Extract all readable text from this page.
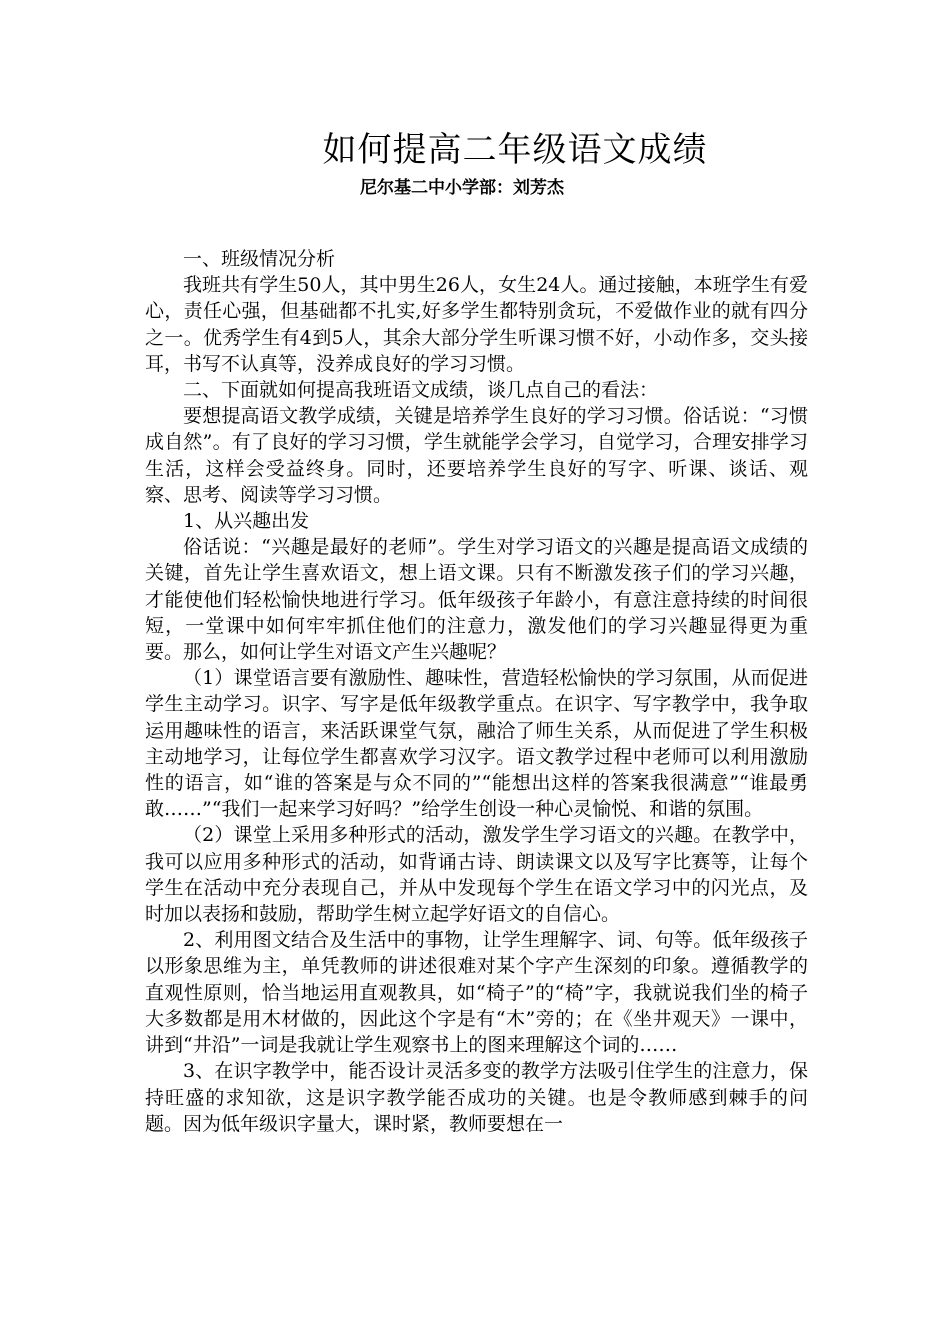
如何提高二年级语文成绩
尼尔基二中小学部：刘芳杰

一、班级情况分析

我班共有学生50人，其中男生26人，女生24人。通过接触，本班学生有爱心，责任心强，但基础都不扎实,好多学生都特别贪玩，不爱做作业的就有四分之一。优秀学生有4到5人，其余大部分学生听课习惯不好，小动作多，交头接耳，书写不认真等，没养成良好的学习习惯。

二、下面就如何提高我班语文成绩，谈几点自己的看法：

要想提高语文教学成绩，关键是培养学生良好的学习习惯。俗话说：“习惯成自然”。有了良好的学习习惯，学生就能学会学习，自觉学习，合理安排学习生活，这样会受益终身。同时，还要培养学生良好的写字、听课、谈话、观察、思考、阅读等学习习惯。

1、从兴趣出发

俗话说：“兴趣是最好的老师”。学生对学习语文的兴趣是提高语文成绩的关键，首先让学生喜欢语文，想上语文课。只有不断激发孩子们的学习兴趣，才能使他们轻松愉快地进行学习。低年级孩子年龄小，有意注意持续的时间很短，一堂课中如何牢牢抓住他们的注意力，激发他们的学习兴趣显得更为重要。那么，如何让学生对语文产生兴趣呢？

（1）课堂语言要有激励性、趣味性，营造轻松愉快的学习氛围，从而促进学生主动学习。识字、写字是低年级教学重点。在识字、写字教学中，我争取运用趣味性的语言，来活跃课堂气氛，融洽了师生关系，从而促进了学生积极主动地学习，让每位学生都喜欢学习汉字。语文教学过程中老师可以利用激励性的语言，如“谁的答案是与众不同的”“能想出这样的答案我很满意”“谁最勇敢……”“我们一起来学习好吗？”给学生创设一种心灵愉悦、和谐的氛围。

（2）课堂上采用多种形式的活动，激发学生学习语文的兴趣。在教学中，我可以应用多种形式的活动，如背诵古诗、朗读课文以及写字比赛等，让每个学生在活动中充分表现自己，并从中发现每个学生在语文学习中的闪光点，及时加以表扬和鼓励，帮助学生树立起学好语文的自信心。

2、利用图文结合及生活中的事物，让学生理解字、词、句等。低年级孩子以形象思维为主，单凭教师的讲述很难对某个字产生深刻的印象。遵循教学的直观性原则，恰当地运用直观教具，如“椅子”的“椅”字，我就说我们坐的椅子大多数都是用木材做的，因此这个字是有“木”旁的；在《坐井观天》一课中，讲到“井沿”一词是我就让学生观察书上的图来理解这个词的……

3、在识字教学中，能否设计灵活多变的教学方法吸引住学生的注意力，保持旺盛的求知欲，这是识字教学能否成功的关键。也是令教师感到棘手的问题。因为低年级识字量大，课时紧，教师要想在一
